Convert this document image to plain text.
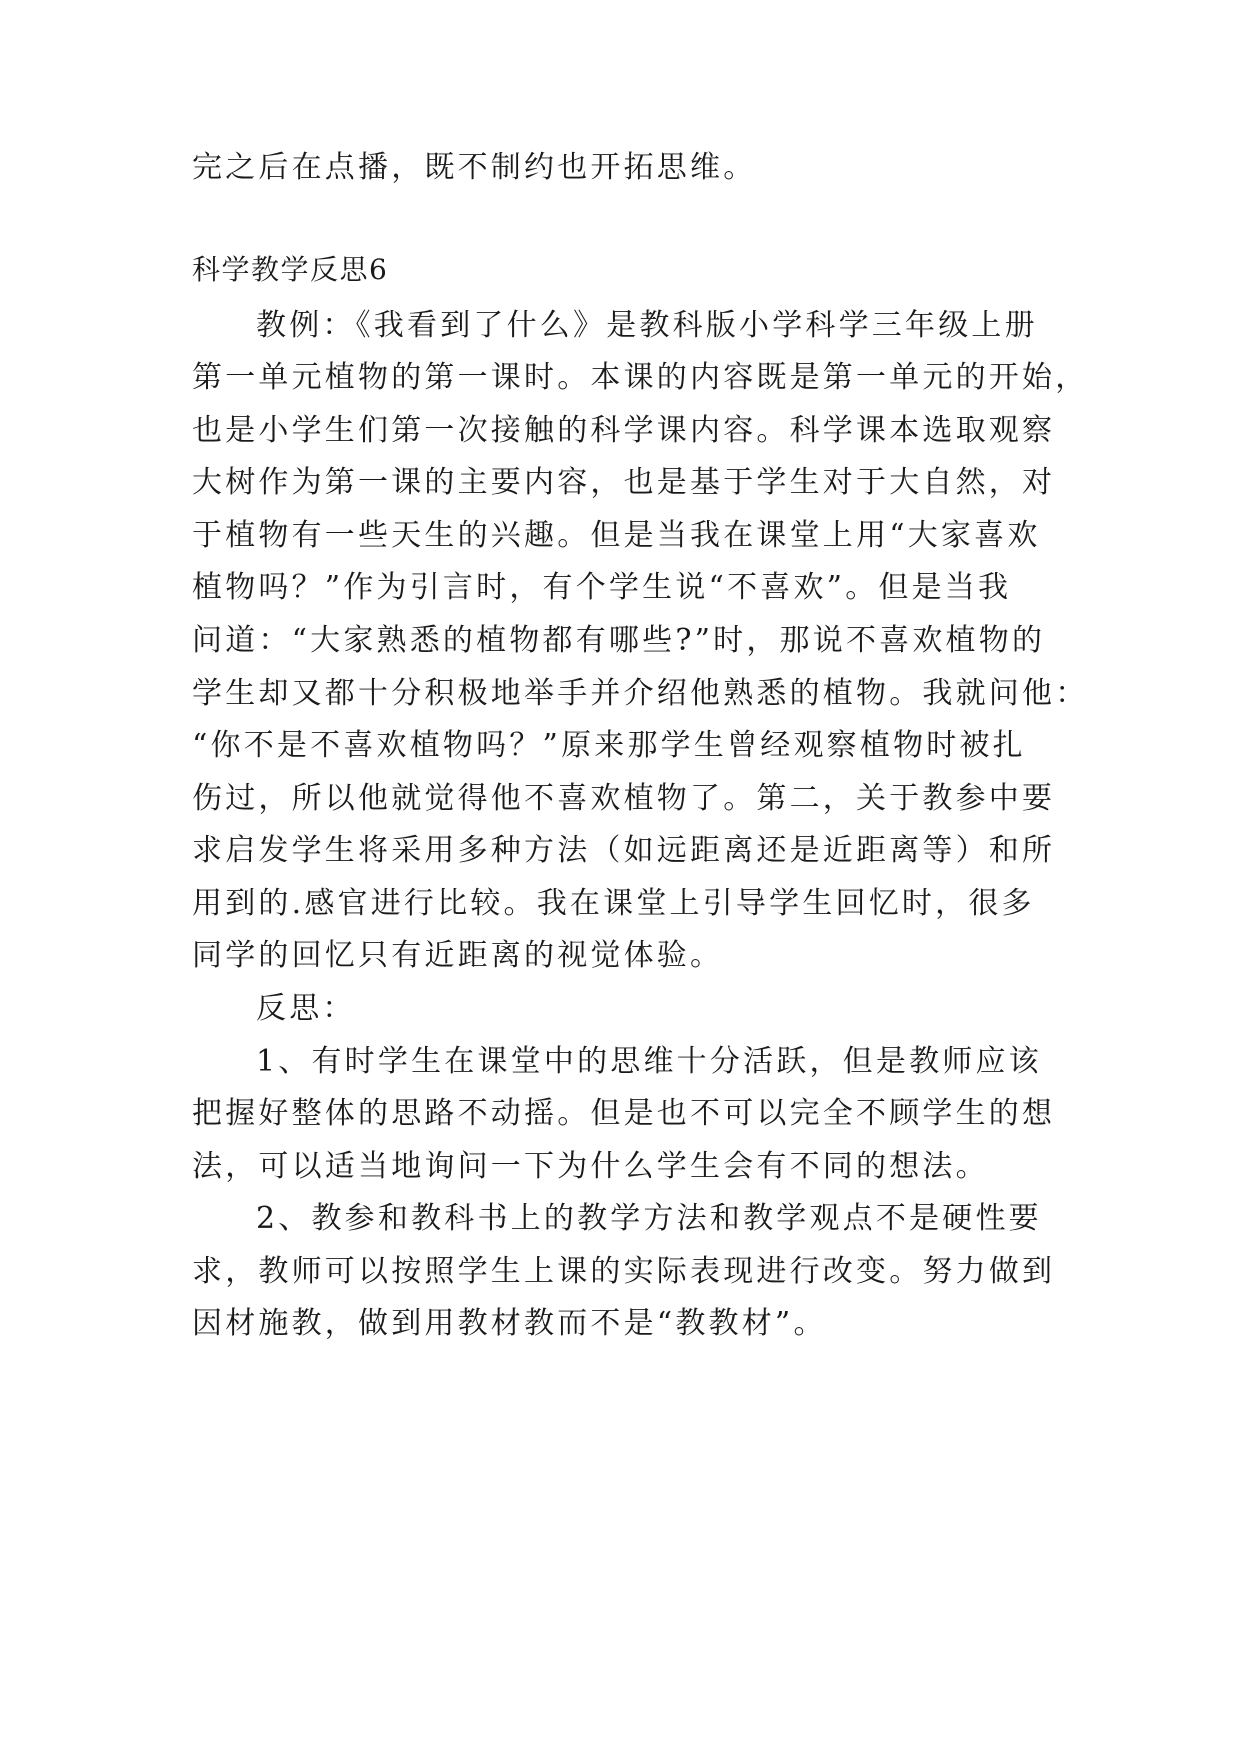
完之后在点播，既不制约也开拓思维。
科学教学反思6
教例：《我看到了什么》是教科版小学科学三年级上册
第一单元植物的第一课时。本课的内容既是第一单元的开始，
也是小学生们第一次接触的科学课内容。科学课本选取观察
大树作为第一课的主要内容，也是基于学生对于大自然，对
于植物有一些天生的兴趣。但是当我在课堂上用“大家喜欢
植物吗？”作为引言时，有个学生说“不喜欢”。但是当我
问道：“大家熟悉的植物都有哪些?”时，那说不喜欢植物的
学生却又都十分积极地举手并介绍他熟悉的植物。我就问他：
“你不是不喜欢植物吗？”原来那学生曾经观察植物时被扎
伤过，所以他就觉得他不喜欢植物了。第二，关于教参中要
求启发学生将采用多种方法（如远距离还是近距离等）和所
用到的.感官进行比较。我在课堂上引导学生回忆时，很多
同学的回忆只有近距离的视觉体验。
反思：
1、有时学生在课堂中的思维十分活跃，但是教师应该
把握好整体的思路不动摇。但是也不可以完全不顾学生的想
法，可以适当地询问一下为什么学生会有不同的想法。
2、教参和教科书上的教学方法和教学观点不是硬性要
求，教师可以按照学生上课的实际表现进行改变。努力做到
因材施教，做到用教材教而不是“教教材”。
